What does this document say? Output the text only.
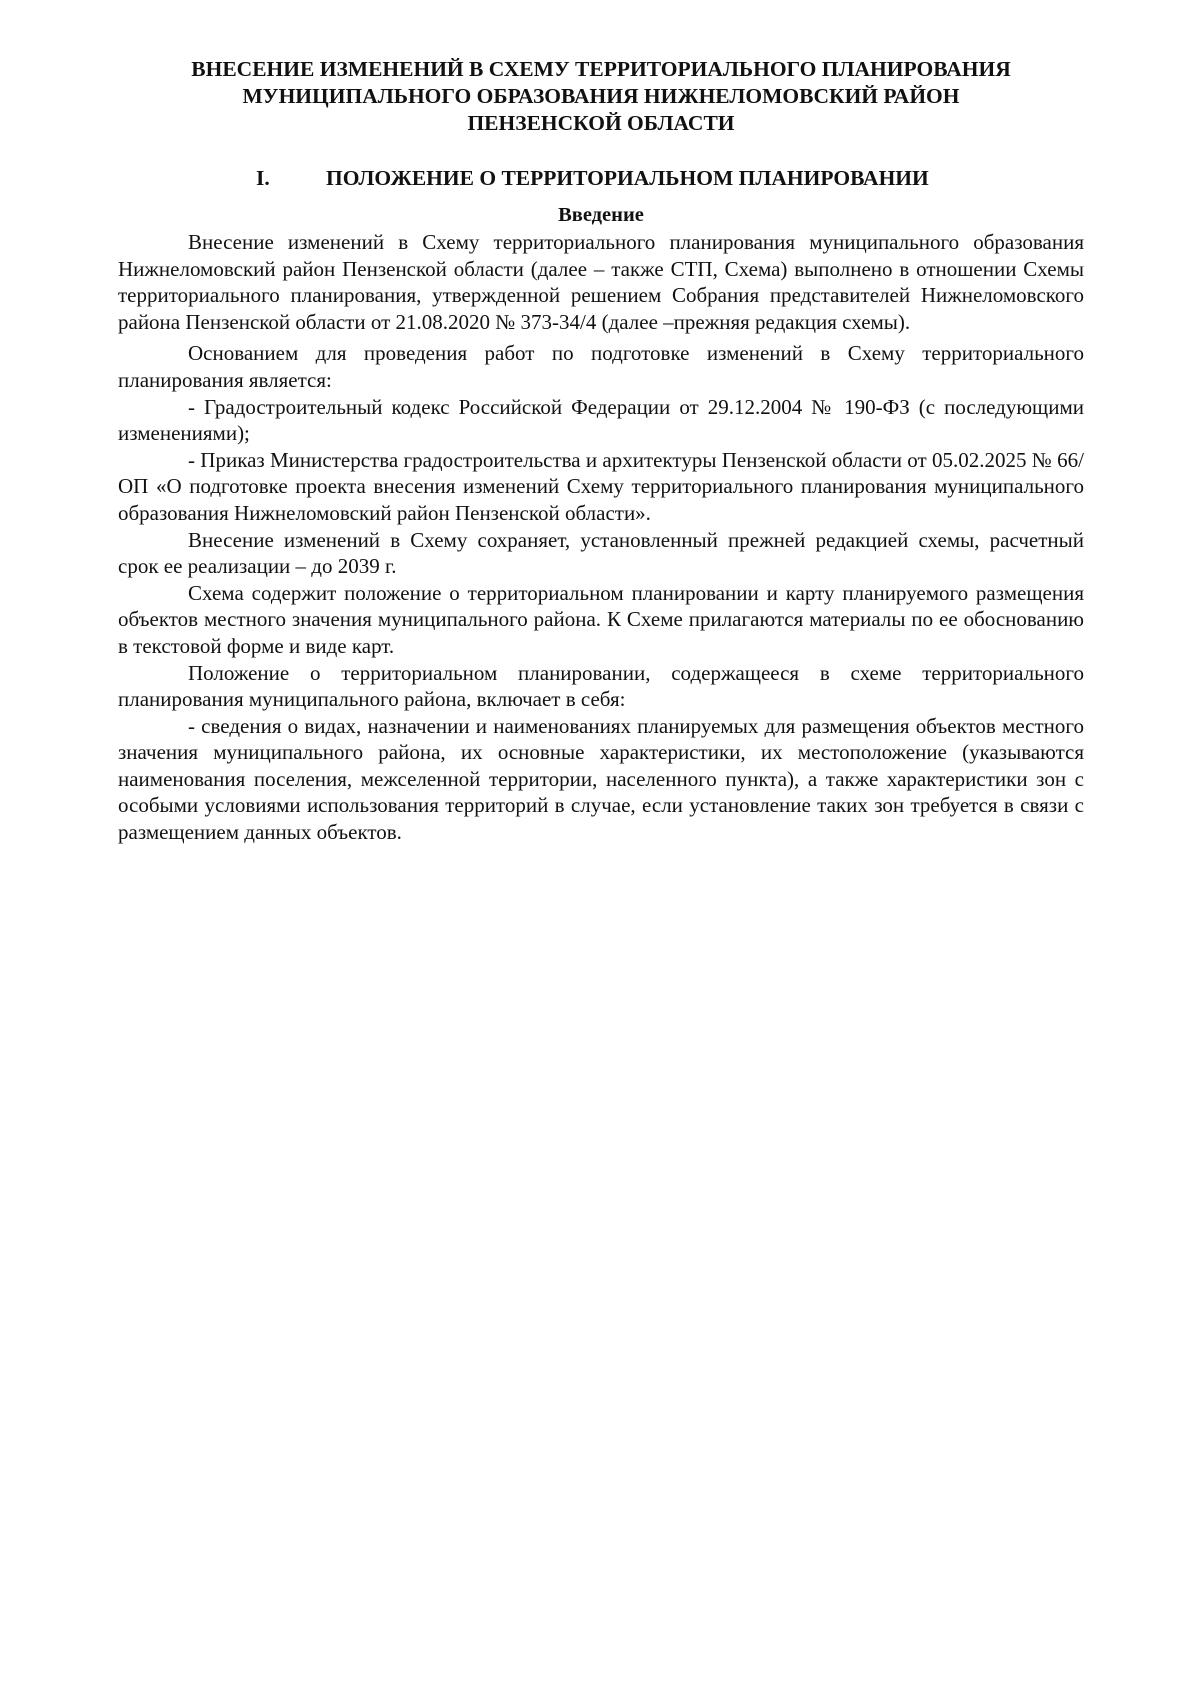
ВНЕСЕНИЕ ИЗМЕНЕНИЙ В СХЕМУ ТЕРРИТОРИАЛЬНОГО ПЛАНИРОВАНИЯ
МУНИЦИПАЛЬНОГО ОБРАЗОВАНИЯ НИЖНЕЛОМОВСКИЙ РАЙОН
ПЕНЗЕНСКОЙ ОБЛАСТИ
I.	ПОЛОЖЕНИЕ О ТЕРРИТОРИАЛЬНОМ ПЛАНИРОВАНИИ
Введение

Внесение изменений в Схему территориального планирования муниципального образования Нижнеломовский район Пензенской области (далее – также СТП, Схема) выполнено в отношении Схемы территориального планирования, утвержденной решением Собрания представителей Нижнеломовского района Пензенской области от 21.08.2020 № 373-34/4 (далее –прежняя редакция схемы).

Основанием для проведения работ по подготовке изменений в Схему территориального планирования является:

- Градостроительный кодекс Российской Федерации от 29.12.2004 № 190-ФЗ (с последующими изменениями);

- Приказ Министерства градостроительства и архитектуры Пензенской области от 05.02.2025 № 66/ОП «О подготовке проекта внесения изменений Схему территориального планирования муниципального образования Нижнеломовский район Пензенской области».

Внесение изменений в Схему сохраняет, установленный прежней редакцией схемы, расчетный срок ее реализации – до 2039 г.

Схема содержит положение о территориальном планировании и карту планируемого размещения объектов местного значения муниципального района. К Схеме прилагаются материалы по ее обоснованию в текстовой форме и виде карт.

Положение о территориальном планировании, содержащееся в схеме территориального планирования муниципального района, включает в себя:

- сведения о видах, назначении и наименованиях планируемых для размещения объектов местного значения муниципального района, их основные характеристики, их местоположение (указываются наименования поселения, межселенной территории, населенного пункта), а также характеристики зон с особыми условиями использования территорий в случае, если установление таких зон требуется в связи с размещением данных объектов.
